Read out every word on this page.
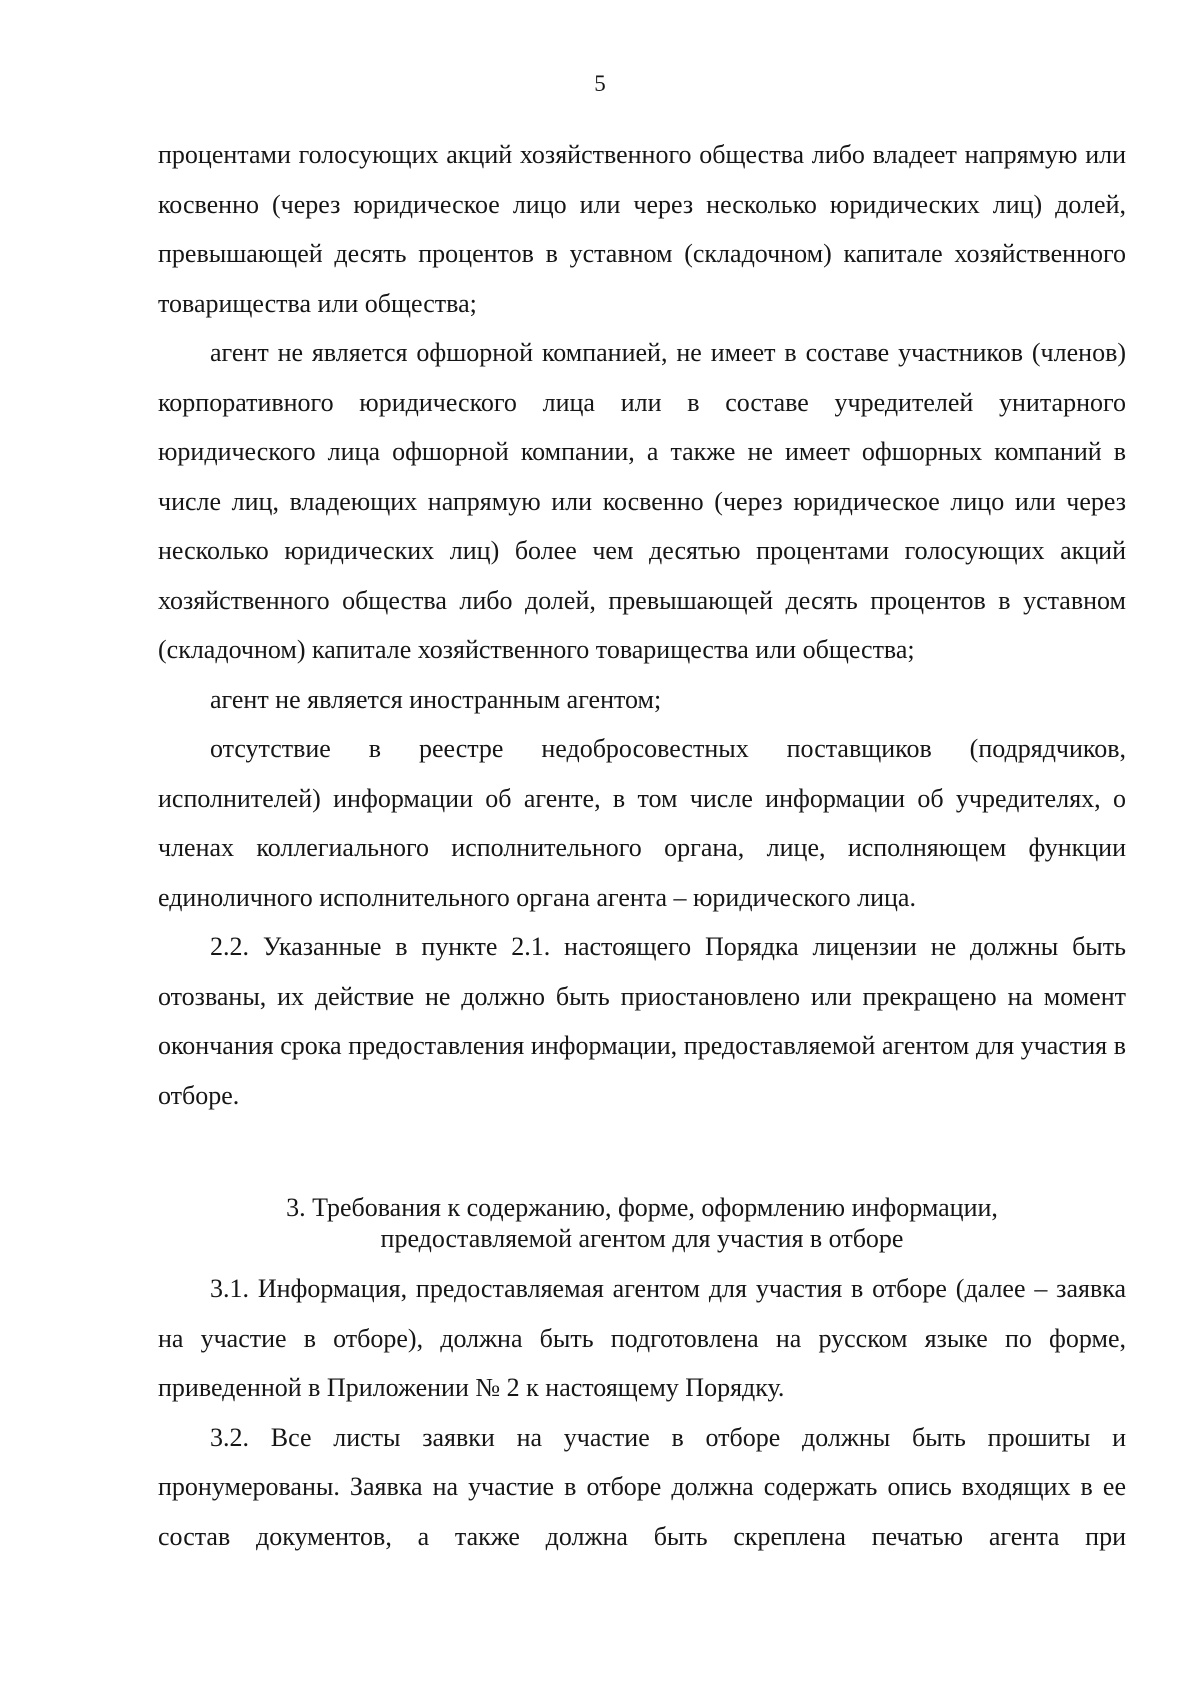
5

процентами голосующих акций хозяйственного общества либо владеет напрямую или косвенно (через юридическое лицо или через несколько юридических лиц) долей, превышающей десять процентов в уставном (складочном) капитале хозяйственного товарищества или общества;

агент не является офшорной компанией, не имеет в составе участников (членов) корпоративного юридического лица или в составе учредителей унитарного юридического лица офшорной компании, а также не имеет офшорных компаний в числе лиц, владеющих напрямую или косвенно (через юридическое лицо или через несколько юридических лиц) более чем десятью процентами голосующих акций хозяйственного общества либо долей, превышающей десять процентов в уставном (складочном) капитале хозяйственного товарищества или общества;

агент не является иностранным агентом;

отсутствие в реестре недобросовестных поставщиков (подрядчиков, исполнителей) информации об агенте, в том числе информации об учредителях, о членах коллегиального исполнительного органа, лице, исполняющем функции единоличного исполнительного органа агента – юридического лица.

2.2. Указанные в пункте 2.1. настоящего Порядка лицензии не должны быть отозваны, их действие не должно быть приостановлено или прекращено на момент окончания срока предоставления информации, предоставляемой агентом для участия в отборе.

3. Требования к содержанию, форме, оформлению информации,
предоставляемой агентом для участия в отборе

3.1. Информация, предоставляемая агентом для участия в отборе (далее – заявка на участие в отборе), должна быть подготовлена на русском языке по форме, приведенной в Приложении № 2 к настоящему Порядку.

3.2. Все листы заявки на участие в отборе должны быть прошиты и пронумерованы. Заявка на участие в отборе должна содержать опись входящих в ее состав документов, а также должна быть скреплена печатью агента при
